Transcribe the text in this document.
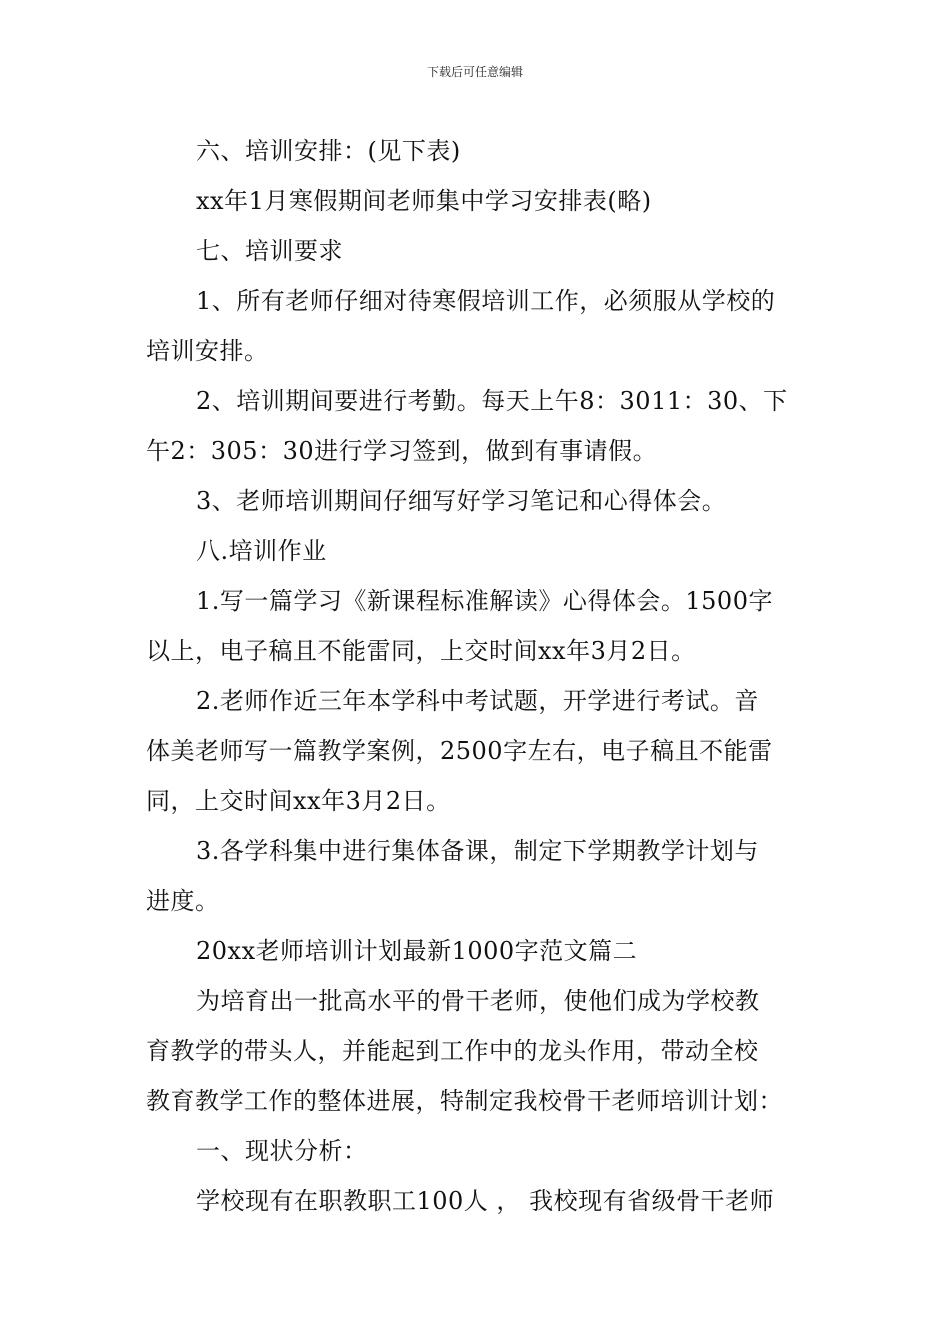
下载后可任意编辑

六、培训安排：(见下表)

xx年1月寒假期间老师集中学习安排表(略)

七、培训要求

1、所有老师仔细对待寒假培训工作，必须服从学校的

培训安排。

2、培训期间要进行考勤。每天上午8：3011：30、下

午2：305：30进行学习签到，做到有事请假。

3、老师培训期间仔细写好学习笔记和心得体会。

八.培训作业

1.写一篇学习《新课程标准解读》心得体会。1500字

以上，电子稿且不能雷同，上交时间xx年3月2日。

2.老师作近三年本学科中考试题，开学进行考试。音

体美老师写一篇教学案例，2500字左右，电子稿且不能雷

同，上交时间xx年3月2日。

3.各学科集中进行集体备课，制定下学期教学计划与

进度。

20xx老师培训计划最新1000字范文篇二

为培育出一批高水平的骨干老师，使他们成为学校教

育教学的带头人，并能起到工作中的龙头作用，带动全校

教育教学工作的整体进展，特制定我校骨干老师培训计划：

一、现状分析：

学校现有在职教职工100人 ， 我校现有省级骨干老师
